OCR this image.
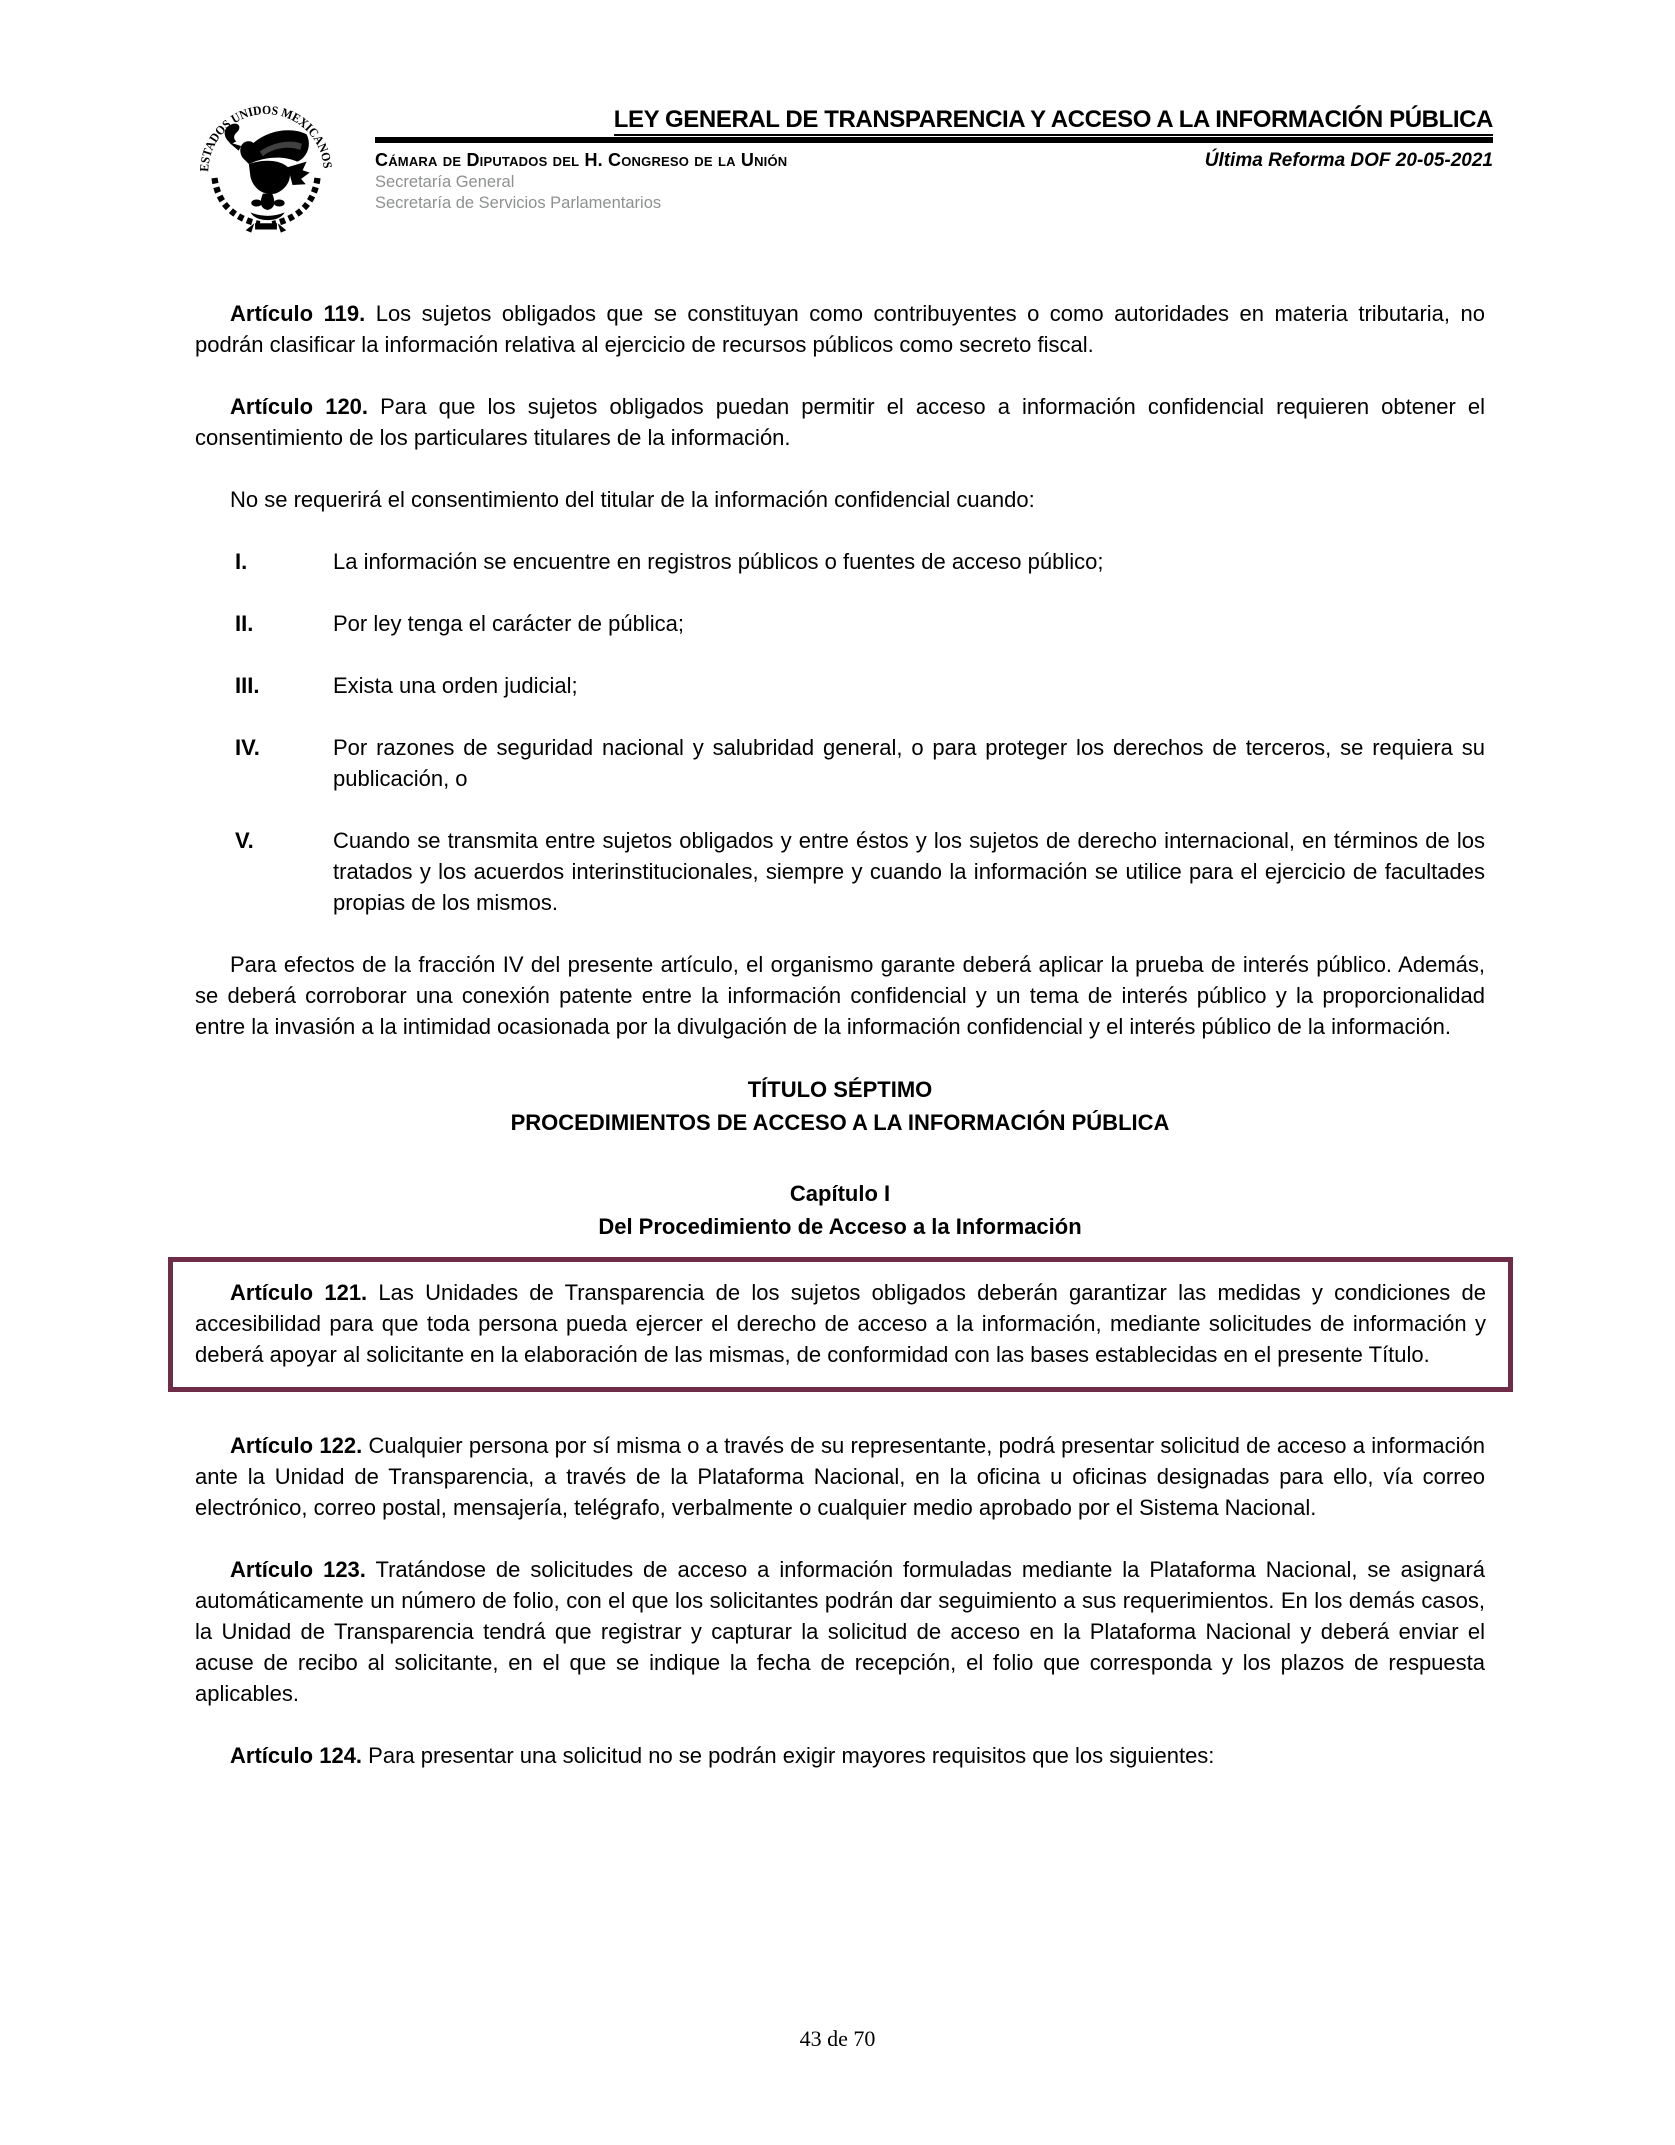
ESTADOS UNIDOS MEXICANOS
LEY GENERAL DE TRANSPARENCIA Y ACCESO A LA INFORMACIÓN PÚBLICA
Cámara de Diputados del H. Congreso de la Unión	Última Reforma DOF 20-05-2021
Secretaría General
Secretaría de Servicios Parlamentarios

Artículo 119. Los sujetos obligados que se constituyan como contribuyentes o como autoridades en materia tributaria, no podrán clasificar la información relativa al ejercicio de recursos públicos como secreto fiscal.

Artículo 120. Para que los sujetos obligados puedan permitir el acceso a información confidencial requieren obtener el consentimiento de los particulares titulares de la información.

No se requerirá el consentimiento del titular de la información confidencial cuando:

I.	La información se encuentre en registros públicos o fuentes de acceso público;
II.	Por ley tenga el carácter de pública;
III.	Exista una orden judicial;
IV.	Por razones de seguridad nacional y salubridad general, o para proteger los derechos de terceros, se requiera su publicación, o
V.	Cuando se transmita entre sujetos obligados y entre éstos y los sujetos de derecho internacional, en términos de los tratados y los acuerdos interinstitucionales, siempre y cuando la información se utilice para el ejercicio de facultades propias de los mismos.

Para efectos de la fracción IV del presente artículo, el organismo garante deberá aplicar la prueba de interés público. Además, se deberá corroborar una conexión patente entre la información confidencial y un tema de interés público y la proporcionalidad entre la invasión a la intimidad ocasionada por la divulgación de la información confidencial y el interés público de la información.

TÍTULO SÉPTIMO
PROCEDIMIENTOS DE ACCESO A LA INFORMACIÓN PÚBLICA
Capítulo I
Del Procedimiento de Acceso a la Información

Artículo 121. Las Unidades de Transparencia de los sujetos obligados deberán garantizar las medidas y condiciones de accesibilidad para que toda persona pueda ejercer el derecho de acceso a la información, mediante solicitudes de información y deberá apoyar al solicitante en la elaboración de las mismas, de conformidad con las bases establecidas en el presente Título.

Artículo 122. Cualquier persona por sí misma o a través de su representante, podrá presentar solicitud de acceso a información ante la Unidad de Transparencia, a través de la Plataforma Nacional, en la oficina u oficinas designadas para ello, vía correo electrónico, correo postal, mensajería, telégrafo, verbalmente o cualquier medio aprobado por el Sistema Nacional.

Artículo 123. Tratándose de solicitudes de acceso a información formuladas mediante la Plataforma Nacional, se asignará automáticamente un número de folio, con el que los solicitantes podrán dar seguimiento a sus requerimientos. En los demás casos, la Unidad de Transparencia tendrá que registrar y capturar la solicitud de acceso en la Plataforma Nacional y deberá enviar el acuse de recibo al solicitante, en el que se indique la fecha de recepción, el folio que corresponda y los plazos de respuesta aplicables.

Artículo 124. Para presentar una solicitud no se podrán exigir mayores requisitos que los siguientes:

43 de 70
